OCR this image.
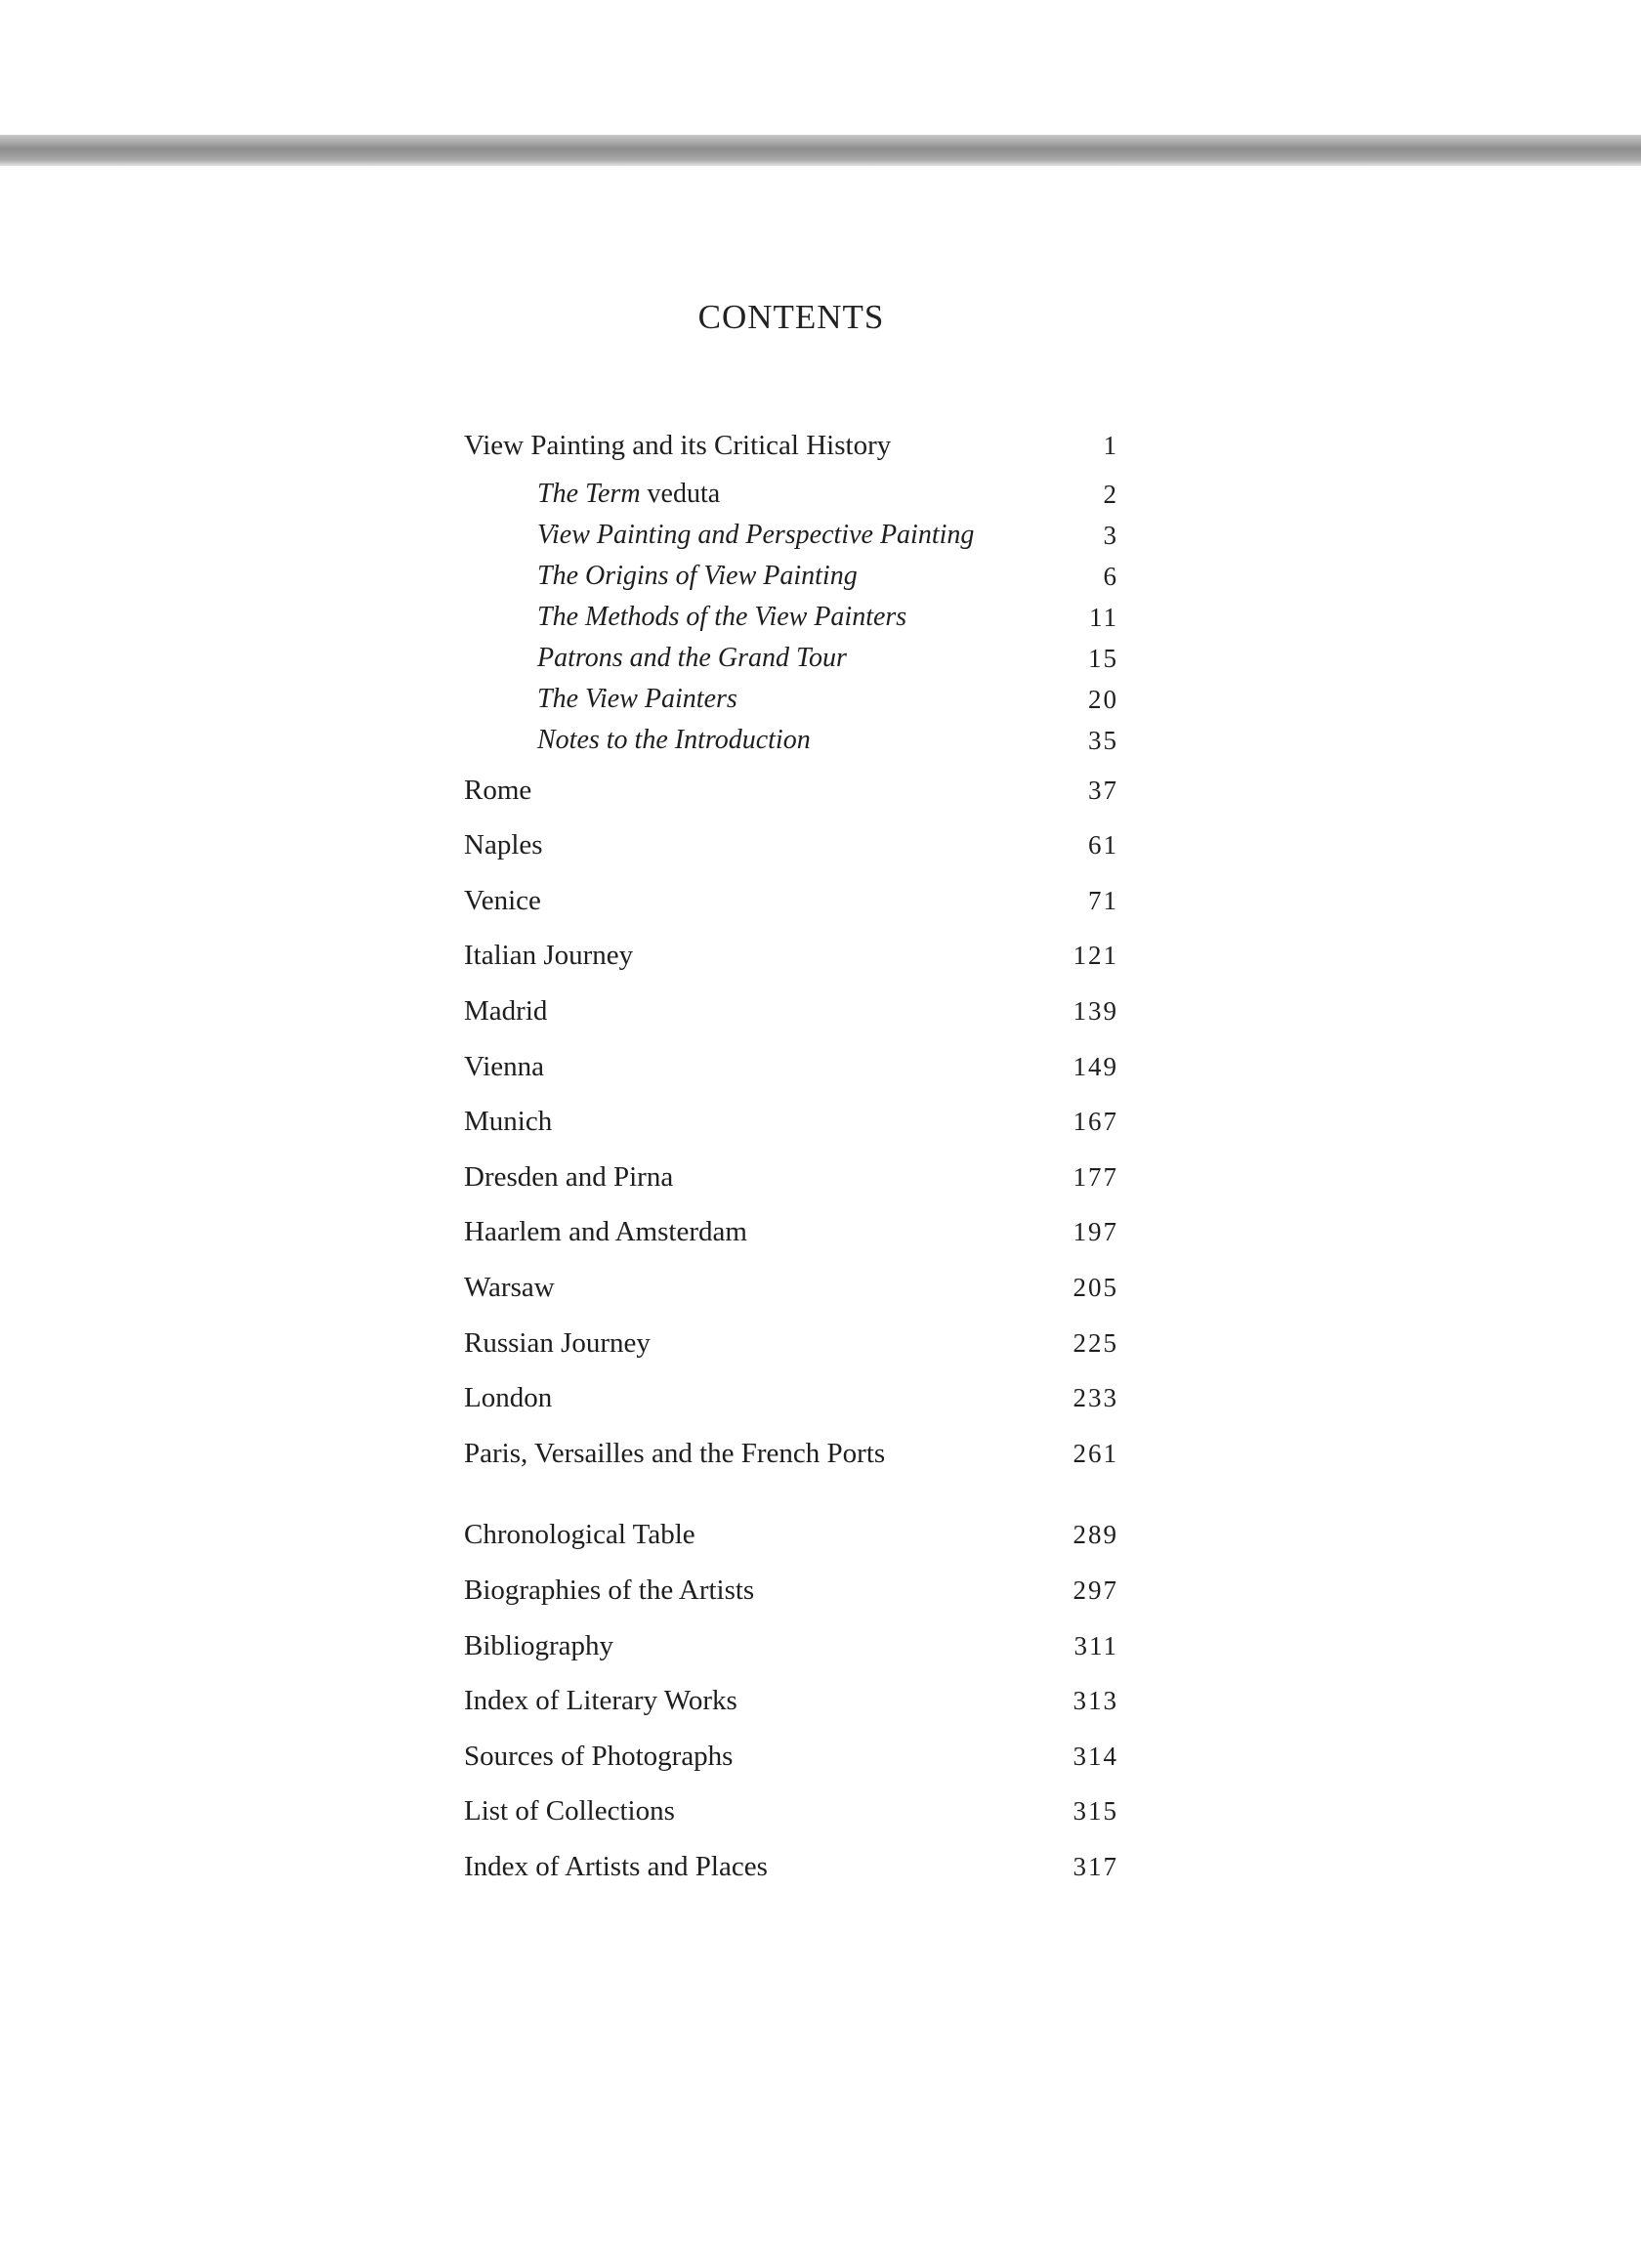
CONTENTS
View Painting and its Critical History	1
The Term veduta	2
View Painting and Perspective Painting	3
The Origins of View Painting	6
The Methods of the View Painters	11
Patrons and the Grand Tour	15
The View Painters	20
Notes to the Introduction	35
Rome	37
Naples	61
Venice	71
Italian Journey	121
Madrid	139
Vienna	149
Munich	167
Dresden and Pirna	177
Haarlem and Amsterdam	197
Warsaw	205
Russian Journey	225
London	233
Paris, Versailles and the French Ports	261
Chronological Table	289
Biographies of the Artists	297
Bibliography	311
Index of Literary Works	313
Sources of Photographs	314
List of Collections	315
Index of Artists and Places	317
